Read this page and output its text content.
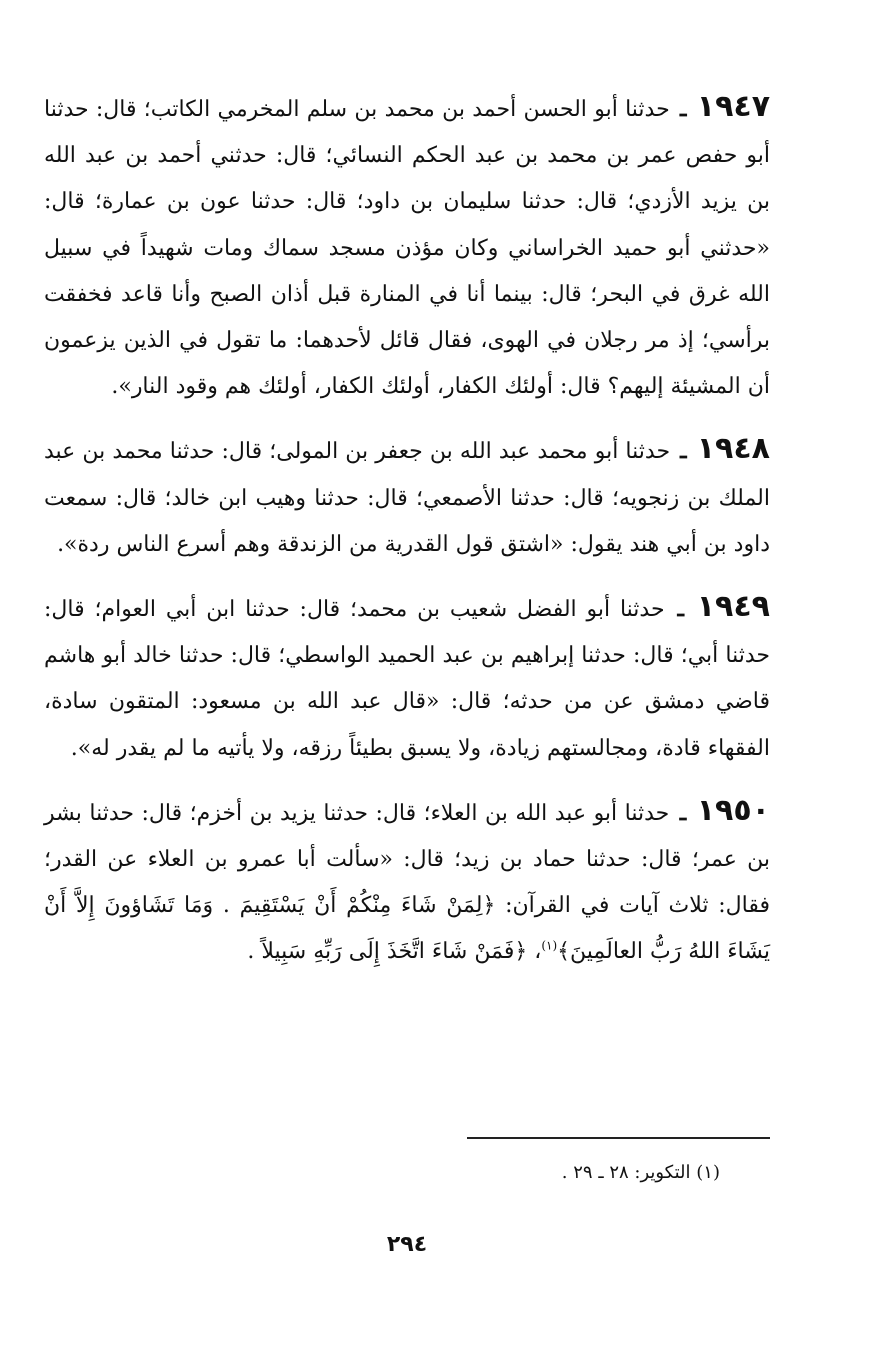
١٩٤٧ ـ حدثنا أبو الحسن أحمد بن محمد بن سلم المخرمي الكاتب؛ قال: حدثنا أبو حفص عمر بن محمد بن عبد الحكم النسائي؛ قال: حدثني أحمد بن عبد الله بن يزيد الأزدي؛ قال: حدثنا سليمان بن داود؛ قال: حدثنا عون بن عمارة؛ قال: «حدثني أبو حميد الخراساني وكان مؤذن مسجد سماك ومات شهيداً في سبيل الله غرق في البحر؛ قال: بينما أنا في المنارة قبل أذان الصبح وأنا قاعد فخفقت برأسي؛ إذ مر رجلان في الهوى، فقال قائل لأحدهما: ما تقول في الذين يزعمون أن المشيئة إليهم؟ قال: أولئك الكفار، أولئك الكفار، أولئك هم وقود النار».

١٩٤٨ ـ حدثنا أبو محمد عبد الله بن جعفر بن المولى؛ قال: حدثنا محمد بن عبد الملك بن زنجويه؛ قال: حدثنا الأصمعي؛ قال: حدثنا وهيب ابن خالد؛ قال: سمعت داود بن أبي هند يقول: «اشتق قول القدرية من الزندقة وهم أسرع الناس ردة».

١٩٤٩ ـ حدثنا أبو الفضل شعيب بن محمد؛ قال: حدثنا ابن أبي العوام؛ قال: حدثنا أبي؛ قال: حدثنا إبراهيم بن عبد الحميد الواسطي؛ قال: حدثنا خالد أبو هاشم قاضي دمشق عن من حدثه؛ قال: «قال عبد الله بن مسعود: المتقون سادة، الفقهاء قادة، ومجالستهم زيادة، ولا يسبق بطيئاً رزقه، ولا يأتيه ما لم يقدر له».

١٩٥٠ ـ حدثنا أبو عبد الله بن العلاء؛ قال: حدثنا يزيد بن أخزم؛ قال: حدثنا بشر بن عمر؛ قال: حدثنا حماد بن زيد؛ قال: «سألت أبا عمرو بن العلاء عن القدر؛ فقال: ثلاث آيات في القرآن: ﴿لِمَنْ شَاءَ مِنْكُمْ أَنْ يَسْتَقِيمَ . وَمَا تَشَاؤونَ إِلاَّ أَنْ يَشَاءَ اللهُ رَبُّ العالَمِينَ﴾$^{(١)}$، ﴿فَمَنْ شَاءَ اتَّخَذَ إِلَى رَبِّهِ سَبِيلاً .

(١) التكوير: ٢٨ ـ ٢٩ .

٢٩٤
